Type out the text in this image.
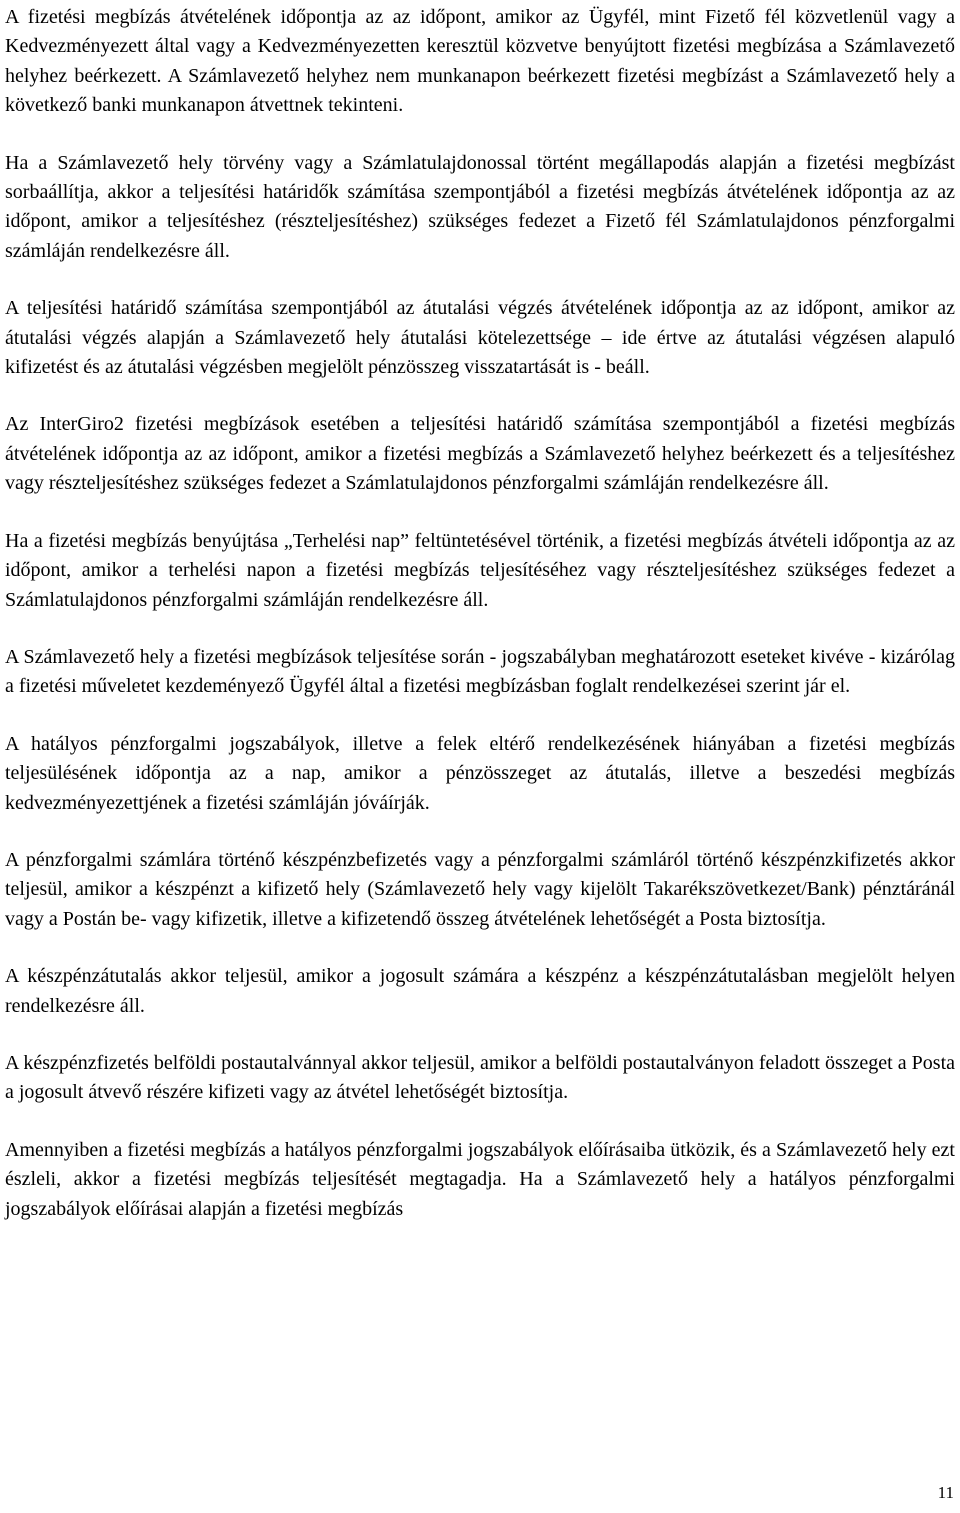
A fizetési megbízás átvételének időpontja az az időpont, amikor az Ügyfél, mint Fizető fél közvetlenül vagy a Kedvezményezett által vagy a Kedvezményezetten keresztül közvetve benyújtott fizetési megbízása a Számlavezető helyhez beérkezett. A Számlavezető helyhez nem munkanapon beérkezett fizetési megbízást a Számlavezető hely a következő banki munkanapon átvettnek tekinteni.

Ha a Számlavezető hely törvény vagy a Számlatulajdonossal történt megállapodás alapján a fizetési megbízást sorbaállítja, akkor a teljesítési határidők számítása szempontjából a fizetési megbízás átvételének időpontja az az időpont, amikor a teljesítéshez (részteljesítéshez) szükséges fedezet a Fizető fél Számlatulajdonos pénzforgalmi számláján rendelkezésre áll.

A teljesítési határidő számítása szempontjából az átutalási végzés átvételének időpontja az az időpont, amikor az átutalási végzés alapján a Számlavezető hely átutalási kötelezettsége – ide értve az átutalási végzésen alapuló kifizetést és az átutalási végzésben megjelölt pénzösszeg visszatartását is - beáll.

Az InterGiro2 fizetési megbízások esetében a teljesítési határidő számítása szempontjából a fizetési megbízás átvételének időpontja az az időpont, amikor a fizetési megbízás a Számlavezető helyhez beérkezett és a teljesítéshez vagy részteljesítéshez szükséges fedezet a Számlatulajdonos pénzforgalmi számláján rendelkezésre áll.

Ha a fizetési megbízás benyújtása „Terhelési nap” feltüntetésével történik, a fizetési megbízás átvételi időpontja az az időpont, amikor a terhelési napon a fizetési megbízás teljesítéséhez vagy részteljesítéshez szükséges fedezet a Számlatulajdonos pénzforgalmi számláján rendelkezésre áll.

A Számlavezető hely a fizetési megbízások teljesítése során - jogszabályban meghatározott eseteket kivéve - kizárólag a fizetési műveletet kezdeményező Ügyfél által a fizetési megbízásban foglalt rendelkezései szerint jár el.

A hatályos pénzforgalmi jogszabályok, illetve a felek eltérő rendelkezésének hiányában a fizetési megbízás teljesülésének időpontja az a nap, amikor a pénzösszeget az átutalás, illetve a beszedési megbízás kedvezményezettjének a fizetési számláján jóváírják.

A pénzforgalmi számlára történő készpénzbefizetés vagy a pénzforgalmi számláról történő készpénzkifizetés akkor teljesül, amikor a készpénzt a kifizető hely (Számlavezető hely vagy kijelölt Takarékszövetkezet/Bank) pénztáránál vagy a Postán be- vagy kifizetik, illetve a kifizetendő összeg átvételének lehetőségét a Posta biztosítja.

A készpénzátutalás akkor teljesül, amikor a jogosult számára a készpénz a készpénzátutalásban megjelölt helyen rendelkezésre áll.

A készpénzfizetés belföldi postautalvánnyal akkor teljesül, amikor a belföldi postautalványon feladott összeget a Posta a jogosult átvevő részére kifizeti vagy az átvétel lehetőségét biztosítja.

Amennyiben a fizetési megbízás a hatályos pénzforgalmi jogszabályok előírásaiba ütközik, és a Számlavezető hely ezt észleli, akkor a fizetési megbízás teljesítését megtagadja. Ha a Számlavezető hely a hatályos pénzforgalmi jogszabályok előírásai alapján a fizetési megbízás

11
